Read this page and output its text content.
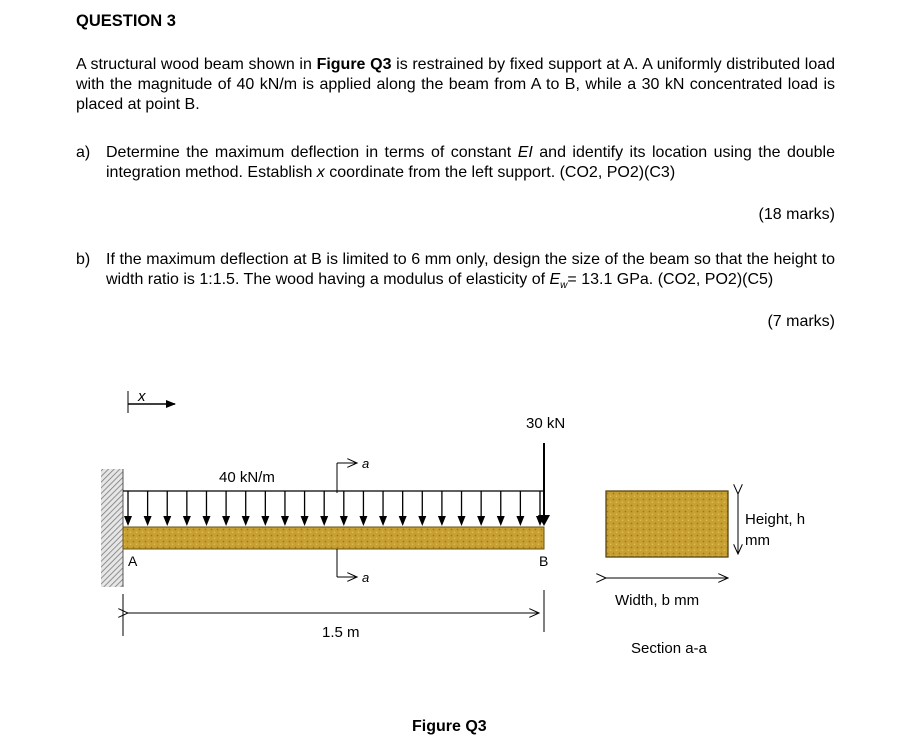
QUESTION 3
A structural wood beam shown in Figure Q3 is restrained by fixed support at A. A uniformly distributed load with the magnitude of 40 kN/m is applied along the beam from A to B, while a 30 kN concentrated load is placed at point B.
a) Determine the maximum deflection in terms of constant EI and identify its location using the double integration method. Establish x coordinate from the left support. (CO2, PO2)(C3)
(18 marks)
b) If the maximum deflection at B is limited to 6 mm only, design the size of the beam so that the height to width ratio is 1:1.5. The wood having a modulus of elasticity of $E_w= 13.1$ GPa. (CO2, PO2)(C5)
(7 marks)
x
40 kN/m
30 kN
A	B
a
a
1.5 m
Height, h
mm
Width, b mm
Section a-a
Figure Q3
